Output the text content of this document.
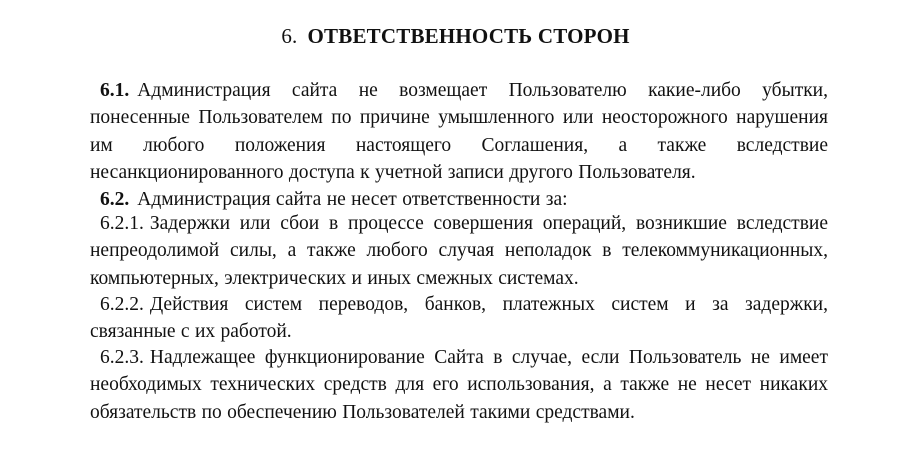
6. ОТВЕТСТВЕННОСТЬ СТОРОН
6.1. Администрация сайта не возмещает Пользователю какие-либо убытки, понесенные Пользователем по причине умышленного или неосторожного нарушения им любого положения настоящего Соглашения, а также вследствие несанкционированного доступа к учетной записи другого Пользователя.
6.2. Администрация сайта не несет ответственности за:
6.2.1. Задержки или сбои в процессе совершения операций, возникшие вследствие непреодолимой силы, а также любого случая неполадок в телекоммуникационных, компьютерных, электрических и иных смежных системах.
6.2.2. Действия систем переводов, банков, платежных систем и за задержки, связанные с их работой.
6.2.3. Надлежащее функционирование Сайта в случае, если Пользователь не имеет необходимых технических средств для его использования, а также не несет никаких обязательств по обеспечению Пользователей такими средствами.
